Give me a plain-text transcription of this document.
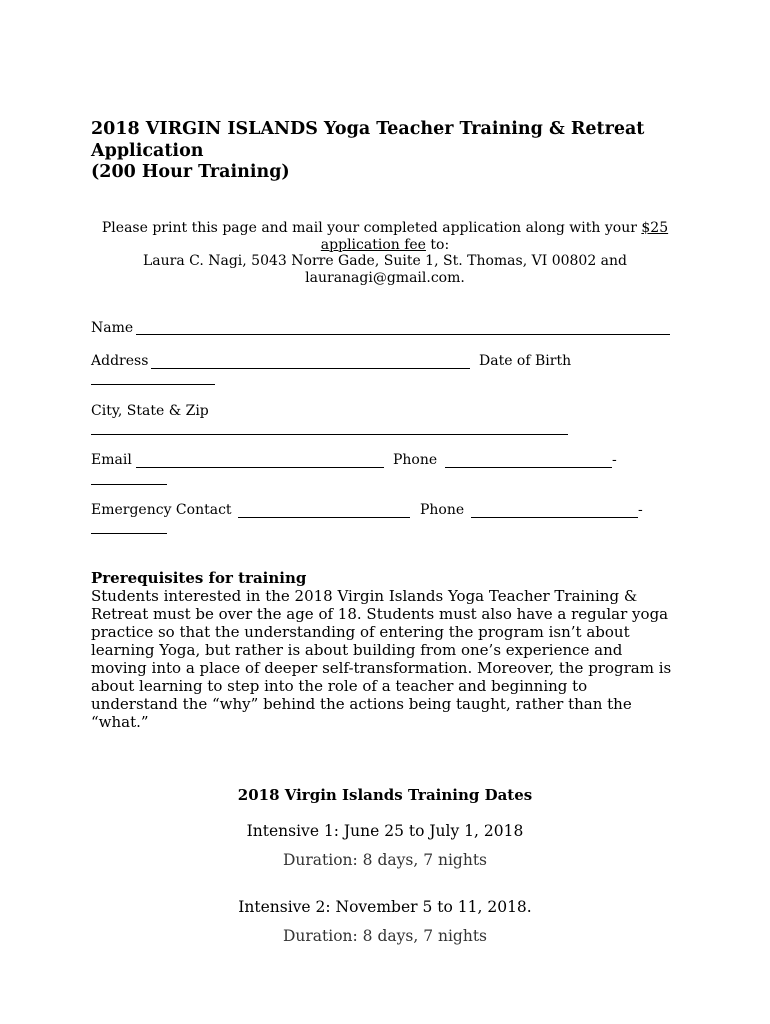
2018 VIRGIN ISLANDS Yoga Teacher Training & Retreat
Application
(200 Hour Training)
Please print this page and mail your completed application along with your $25 application fee to:
Laura C. Nagi, 5043 Norre Gade, Suite 1, St. Thomas, VI 00802 and
lauranagi@gmail.com.
Name
Address	Date of Birth
City, State & Zip
Email	Phone	-
Emergency Contact	Phone	-
Prerequisites for training
Students interested in the 2018 Virgin Islands Yoga Teacher Training &
Retreat must be over the age of 18. Students must also have a regular yoga
practice so that the understanding of entering the program isn’t about
learning Yoga, but rather is about building from one’s experience and
moving into a place of deeper self-transformation. Moreover, the program is
about learning to step into the role of a teacher and beginning to
understand the “why” behind the actions being taught, rather than the
“what.”
2018 Virgin Islands Training Dates
Intensive 1: June 25 to July 1, 2018
Duration: 8 days, 7 nights
Intensive 2: November 5 to 11, 2018.
Duration: 8 days, 7 nights
